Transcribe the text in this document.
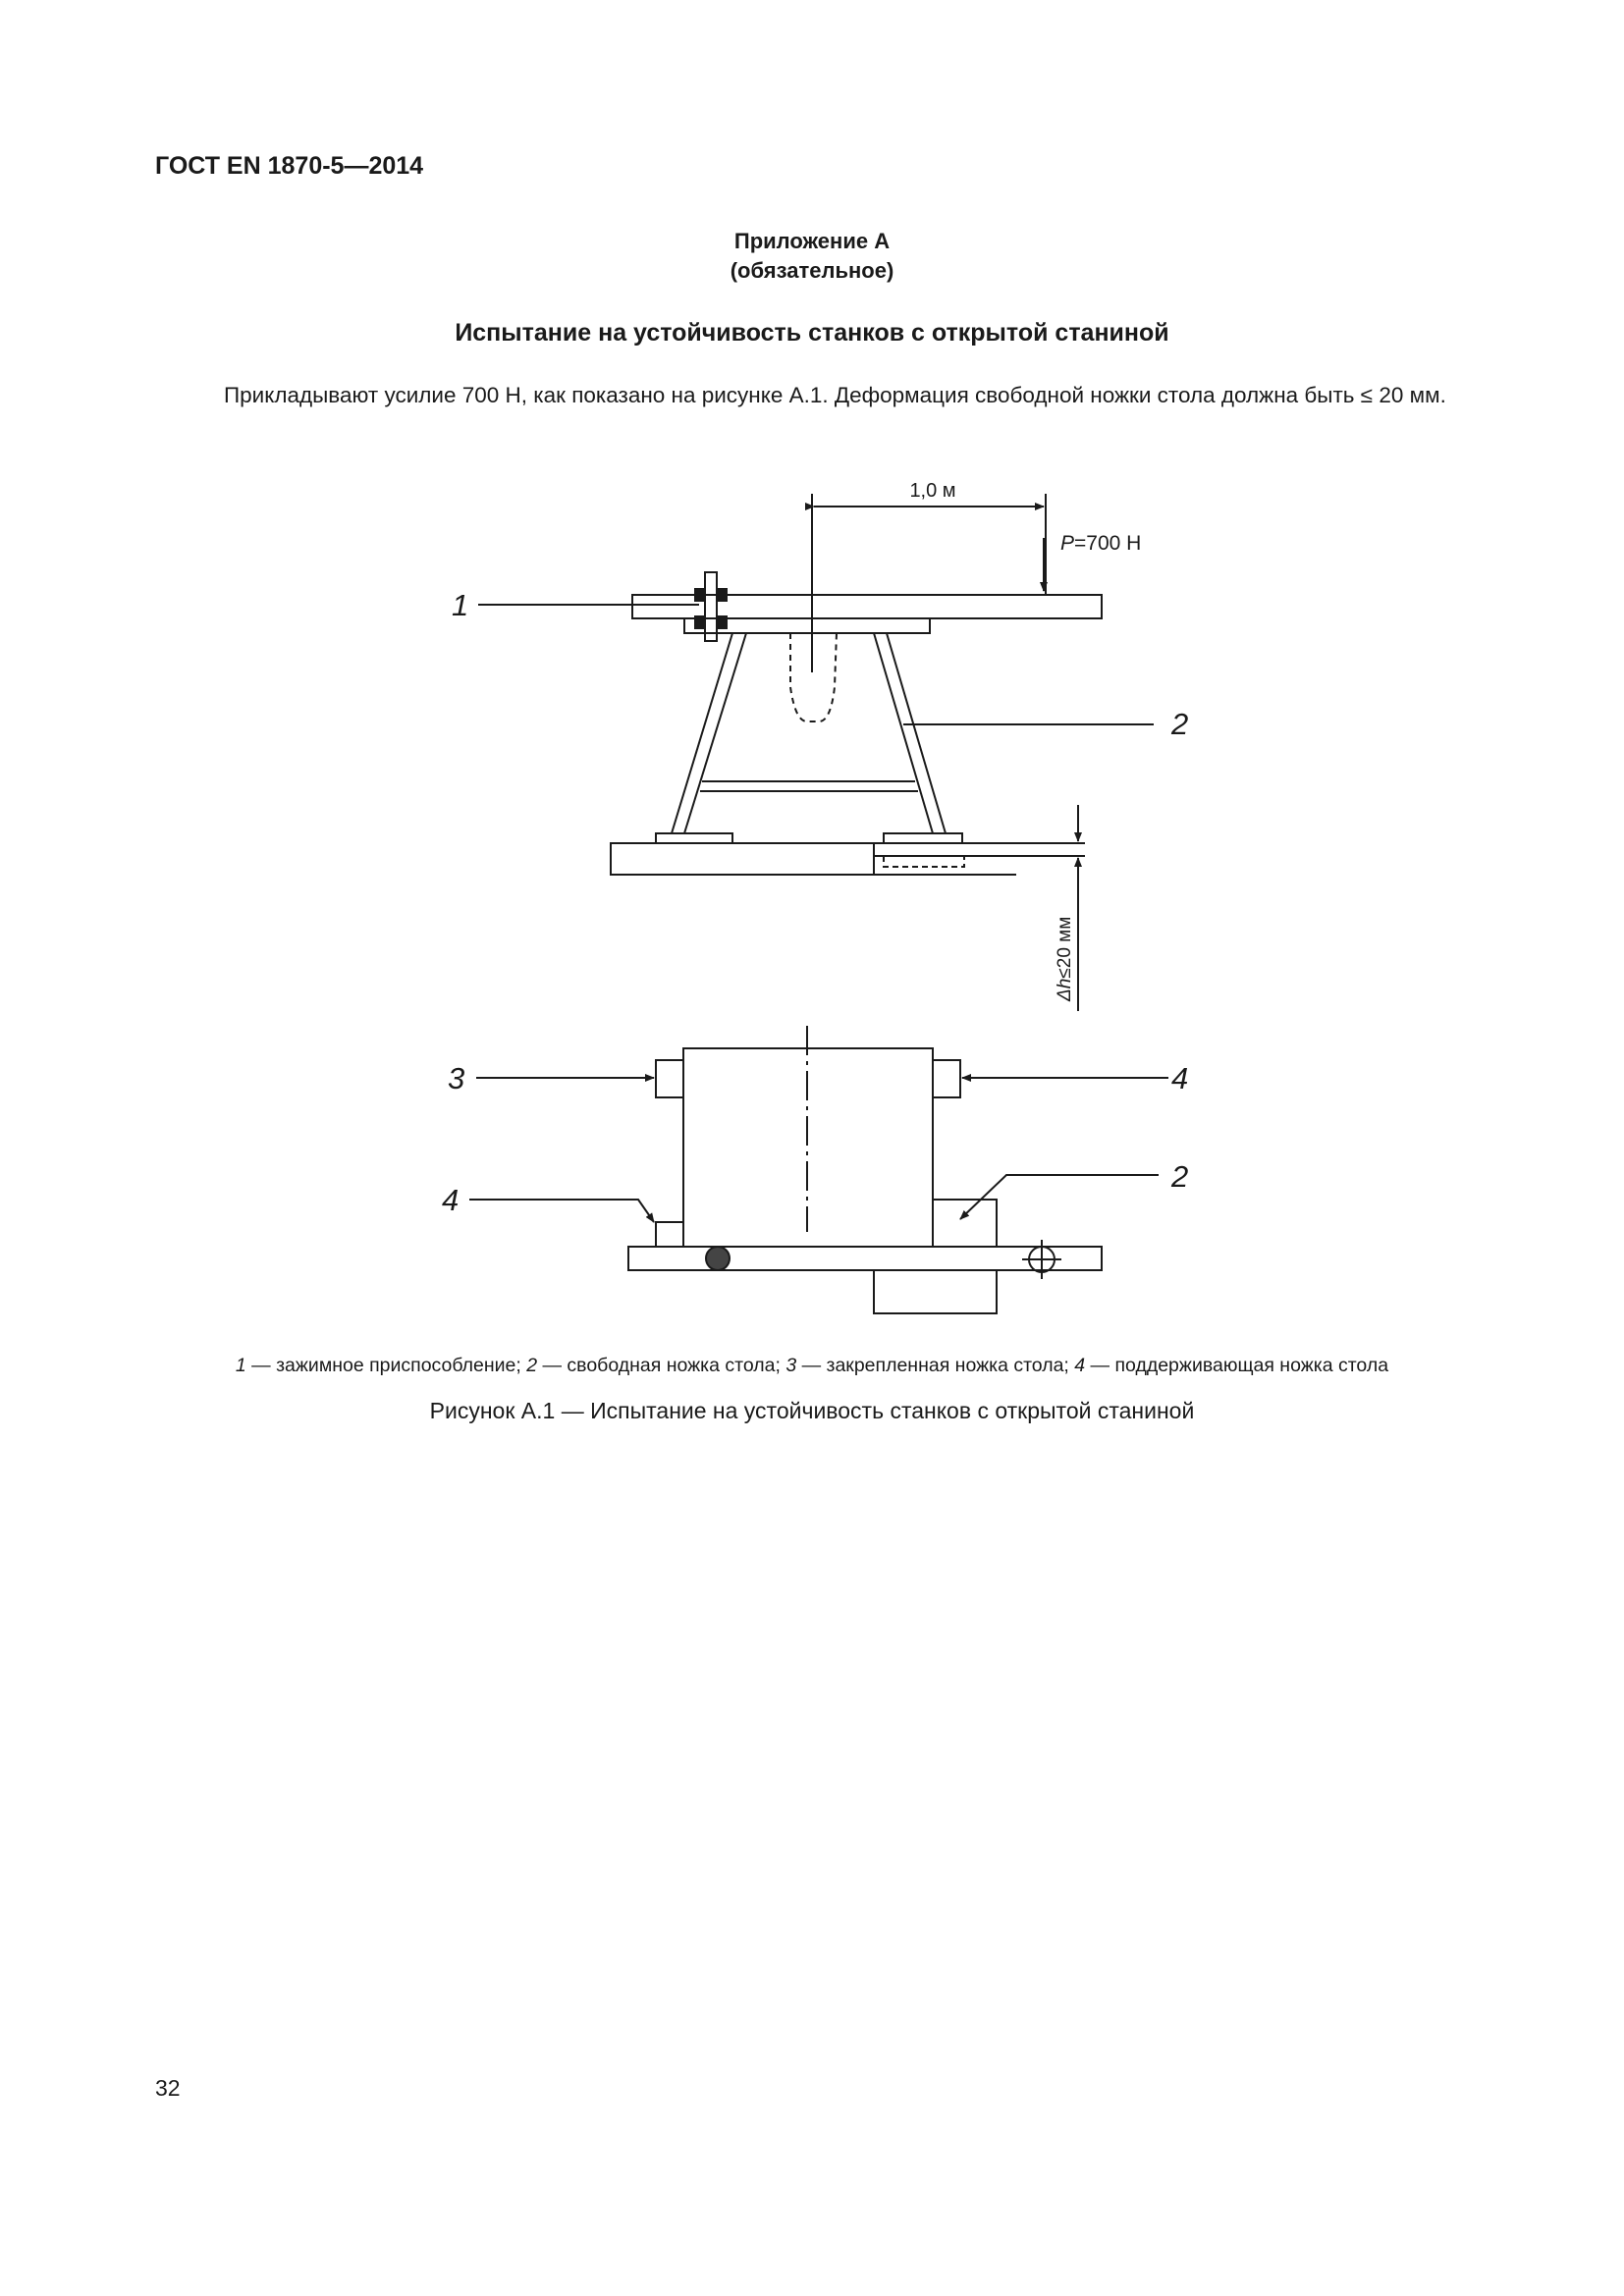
ГОСТ EN 1870-5—2014
Приложение А
(обязательное)
Испытание на устойчивость станков с открытой станиной
Прикладывают усилие 700 Н, как показано на рисунке А.1. Деформация свободной ножки стола должна быть ≤ 20 мм.
1,0 м
P=700 Н
Δh≤20 мм
1
2
3	4
4
2
1 — зажимное приспособление; 2 — свободная ножка стола; 3 — закрепленная ножка стола; 4 — поддерживающая ножка стола
Рисунок А.1 — Испытание на устойчивость станков с открытой станиной
32
